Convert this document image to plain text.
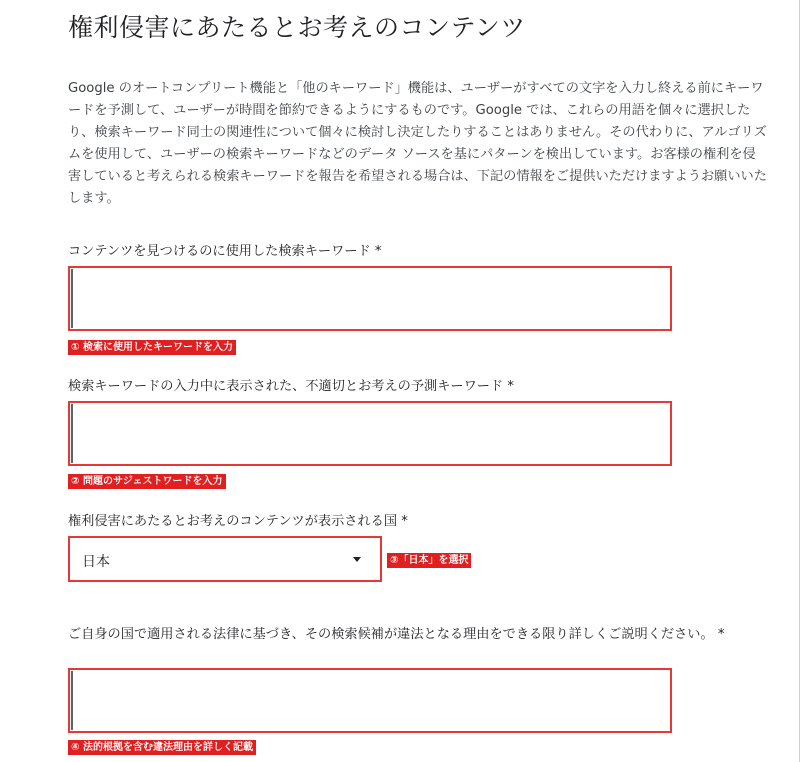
権利侵害にあたるとお考えのコンテンツ

Google のオートコンプリート機能と「他のキーワード」機能は、ユーザーがすべての文字を入力し終える前にキーワードを予測して、ユーザーが時間を節約できるようにするものです。Google では、これらの用語を個々に選択したり、検索キーワード同士の関連性について個々に検討し決定したりすることはありません。その代わりに、アルゴリズムを使用して、ユーザーの検索キーワードなどのデータ ソースを基にパターンを検出しています。お客様の権利を侵害していると考えられる検索キーワードを報告を希望される場合は、下記の情報をご提供いただけますようお願いいたします。

コンテンツを見つけるのに使用した検索キーワード *
① 検索に使用したキーワードを入力
検索キーワードの入力中に表示された、不適切とお考えの予測キーワード *
② 問題のサジェストワードを入力
権利侵害にあたるとお考えのコンテンツが表示される国 *
日本	③「日本」を選択
ご自身の国で適用される法律に基づき、その検索候補が違法となる理由をできる限り詳しくご説明ください。 *
④ 法的根拠を含む違法理由を詳しく記載
